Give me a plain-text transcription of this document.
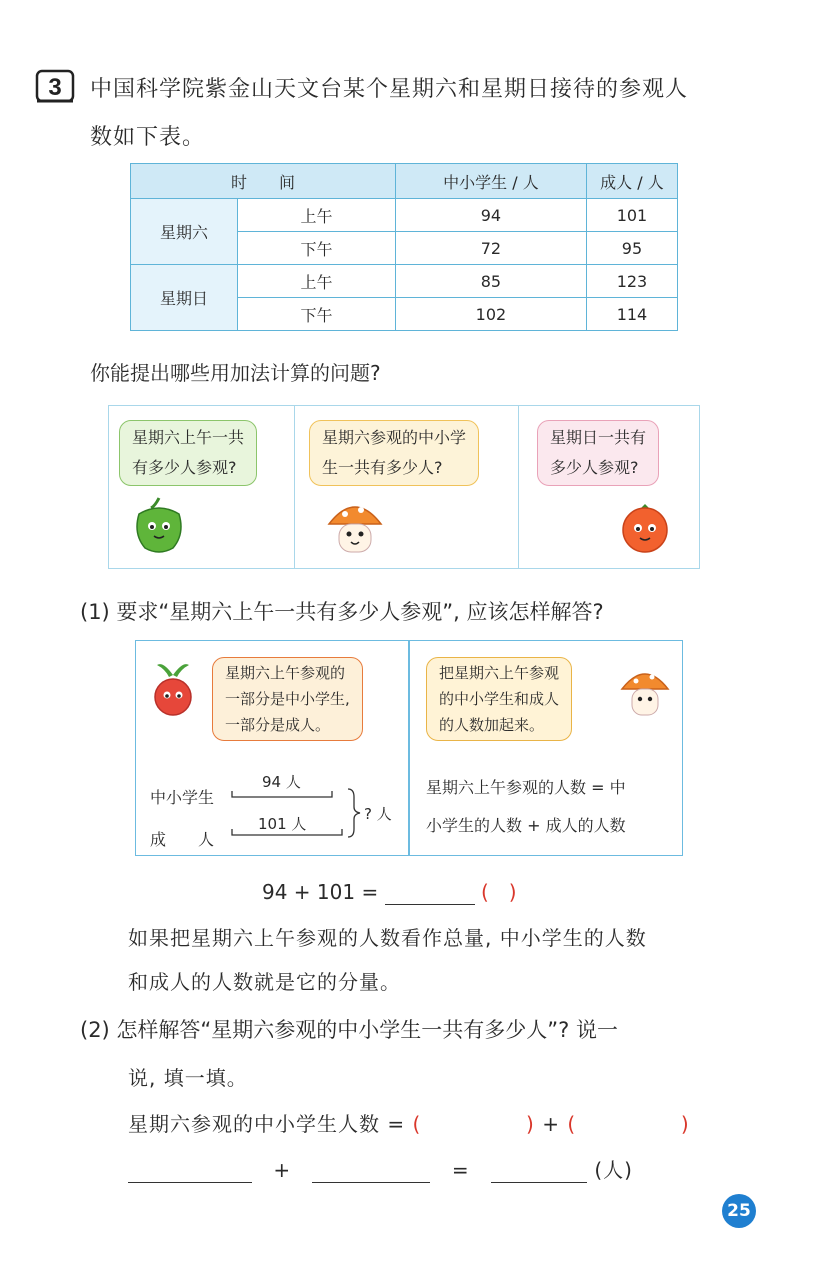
3 中国科学院紫金山天文台某个星期六和星期日接待的参观人
数如下表。
时　　间		中小学生 / 人	成人 / 人
星期六	上午	94	101
	下午	72	95
星期日	上午	85	123
	下午	102	114
你能提出哪些用加法计算的问题?
星期六上午一共
有多少人参观?
星期六参观的中小学
生一共有多少人?
星期日一共有
多少人参观?
(1) 要求“星期六上午一共有多少人参观”, 应该怎样解答?
星期六上午参观的
一部分是中小学生,
一部分是成人。
中小学生
成　　人
94 人
101 人
? 人
把星期六上午参观
的中小学生和成人
的人数加起来。
星期六上午参观的人数 = 中
小学生的人数 + 成人的人数
94 + 101 =	(　)
如果把星期六上午参观的人数看作总量, 中小学生的人数
和成人的人数就是它的分量。
(2) 怎样解答“星期六参观的中小学生一共有多少人”? 说一
说, 填一填。
星期六参观的中小学生人数 = (	) + (	)
+	=	(人)
25
